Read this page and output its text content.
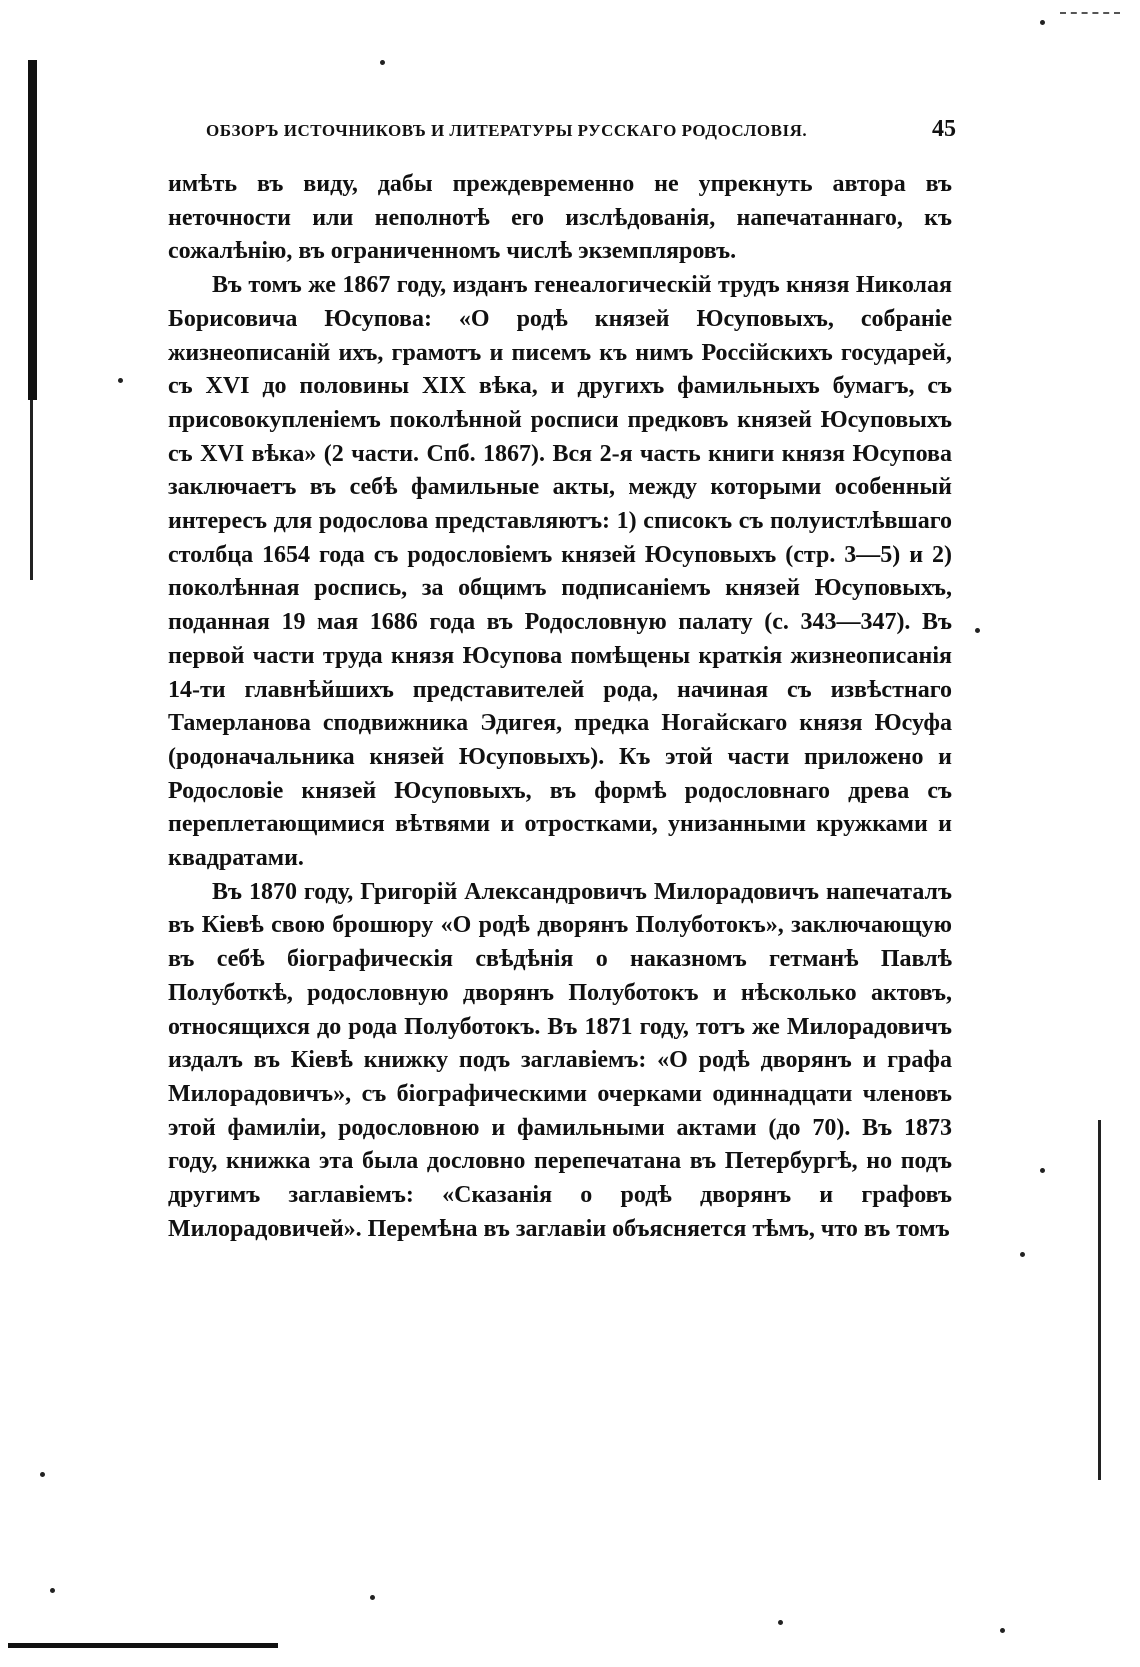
ОБЗОРЪ ИСТОЧНИКОВЪ И ЛИТЕРАТУРЫ РУССКАГО РОДОСЛОВІЯ.	45

имѣть въ виду, дабы преждевременно не упрекнуть автора въ неточности или неполнотѣ его изслѣдованія, напечатаннаго, къ сожалѣнію, въ ограниченномъ числѣ экземпляровъ.

Въ томъ же 1867 году, изданъ генеалогическій трудъ князя Николая Борисовича Юсупова: «О родѣ князей Юсуповыхъ, собраніе жизнеописаній ихъ, грамотъ и писемъ къ нимъ Россійскихъ государей, съ XVI до половины XIX вѣка, и другихъ фамильныхъ бумагъ, съ присовокупленіемъ поколѣнной росписи предковъ князей Юсуповыхъ съ XVI вѣка» (2 части. Спб. 1867). Вся 2-я часть книги князя Юсупова заключаетъ въ себѣ фамильные акты, между которыми особенный интересъ для родослова представляютъ: 1) списокъ съ полуистлѣвшаго столбца 1654 года съ родословіемъ князей Юсуповыхъ (стр. 3—5) и 2) поколѣнная роспись, за общимъ подписаніемъ князей Юсуповыхъ, поданная 19 мая 1686 года въ Родословную палату (с. 343—347). Въ первой части труда князя Юсупова помѣщены краткія жизнеописанія 14-ти главнѣйшихъ представителей рода, начиная съ извѣстнаго Тамерланова сподвижника Эдигея, предка Ногайскаго князя Юсуфа (родоначальника князей Юсуповыхъ). Къ этой части приложено и Родословіе князей Юсуповыхъ, въ формѣ родословнаго древа съ переплетающимися вѣтвями и отростками, унизанными кружками и квадратами.

Въ 1870 году, Григорій Александровичъ Милорадовичъ напечаталъ въ Кіевѣ свою брошюру «О родѣ дворянъ Полуботокъ», заключающую въ себѣ біографическія свѣдѣнія о наказномъ гетманѣ Павлѣ Полуботкѣ, родословную дворянъ Полуботокъ и нѣсколько актовъ, относящихся до рода Полуботокъ. Въ 1871 году, тотъ же Милорадовичъ издалъ въ Кіевѣ книжку подъ заглавіемъ: «О родѣ дворянъ и графа Милорадовичъ», съ біографическими очерками одиннадцати членовъ этой фамиліи, родословною и фамильными актами (до 70). Въ 1873 году, книжка эта была дословно перепечатана въ Петербургѣ, но подъ другимъ заглавіемъ: «Сказанія о родѣ дворянъ и графовъ Милорадовичей». Перемѣна въ заглавіи объясняется тѣмъ, что въ томъ
